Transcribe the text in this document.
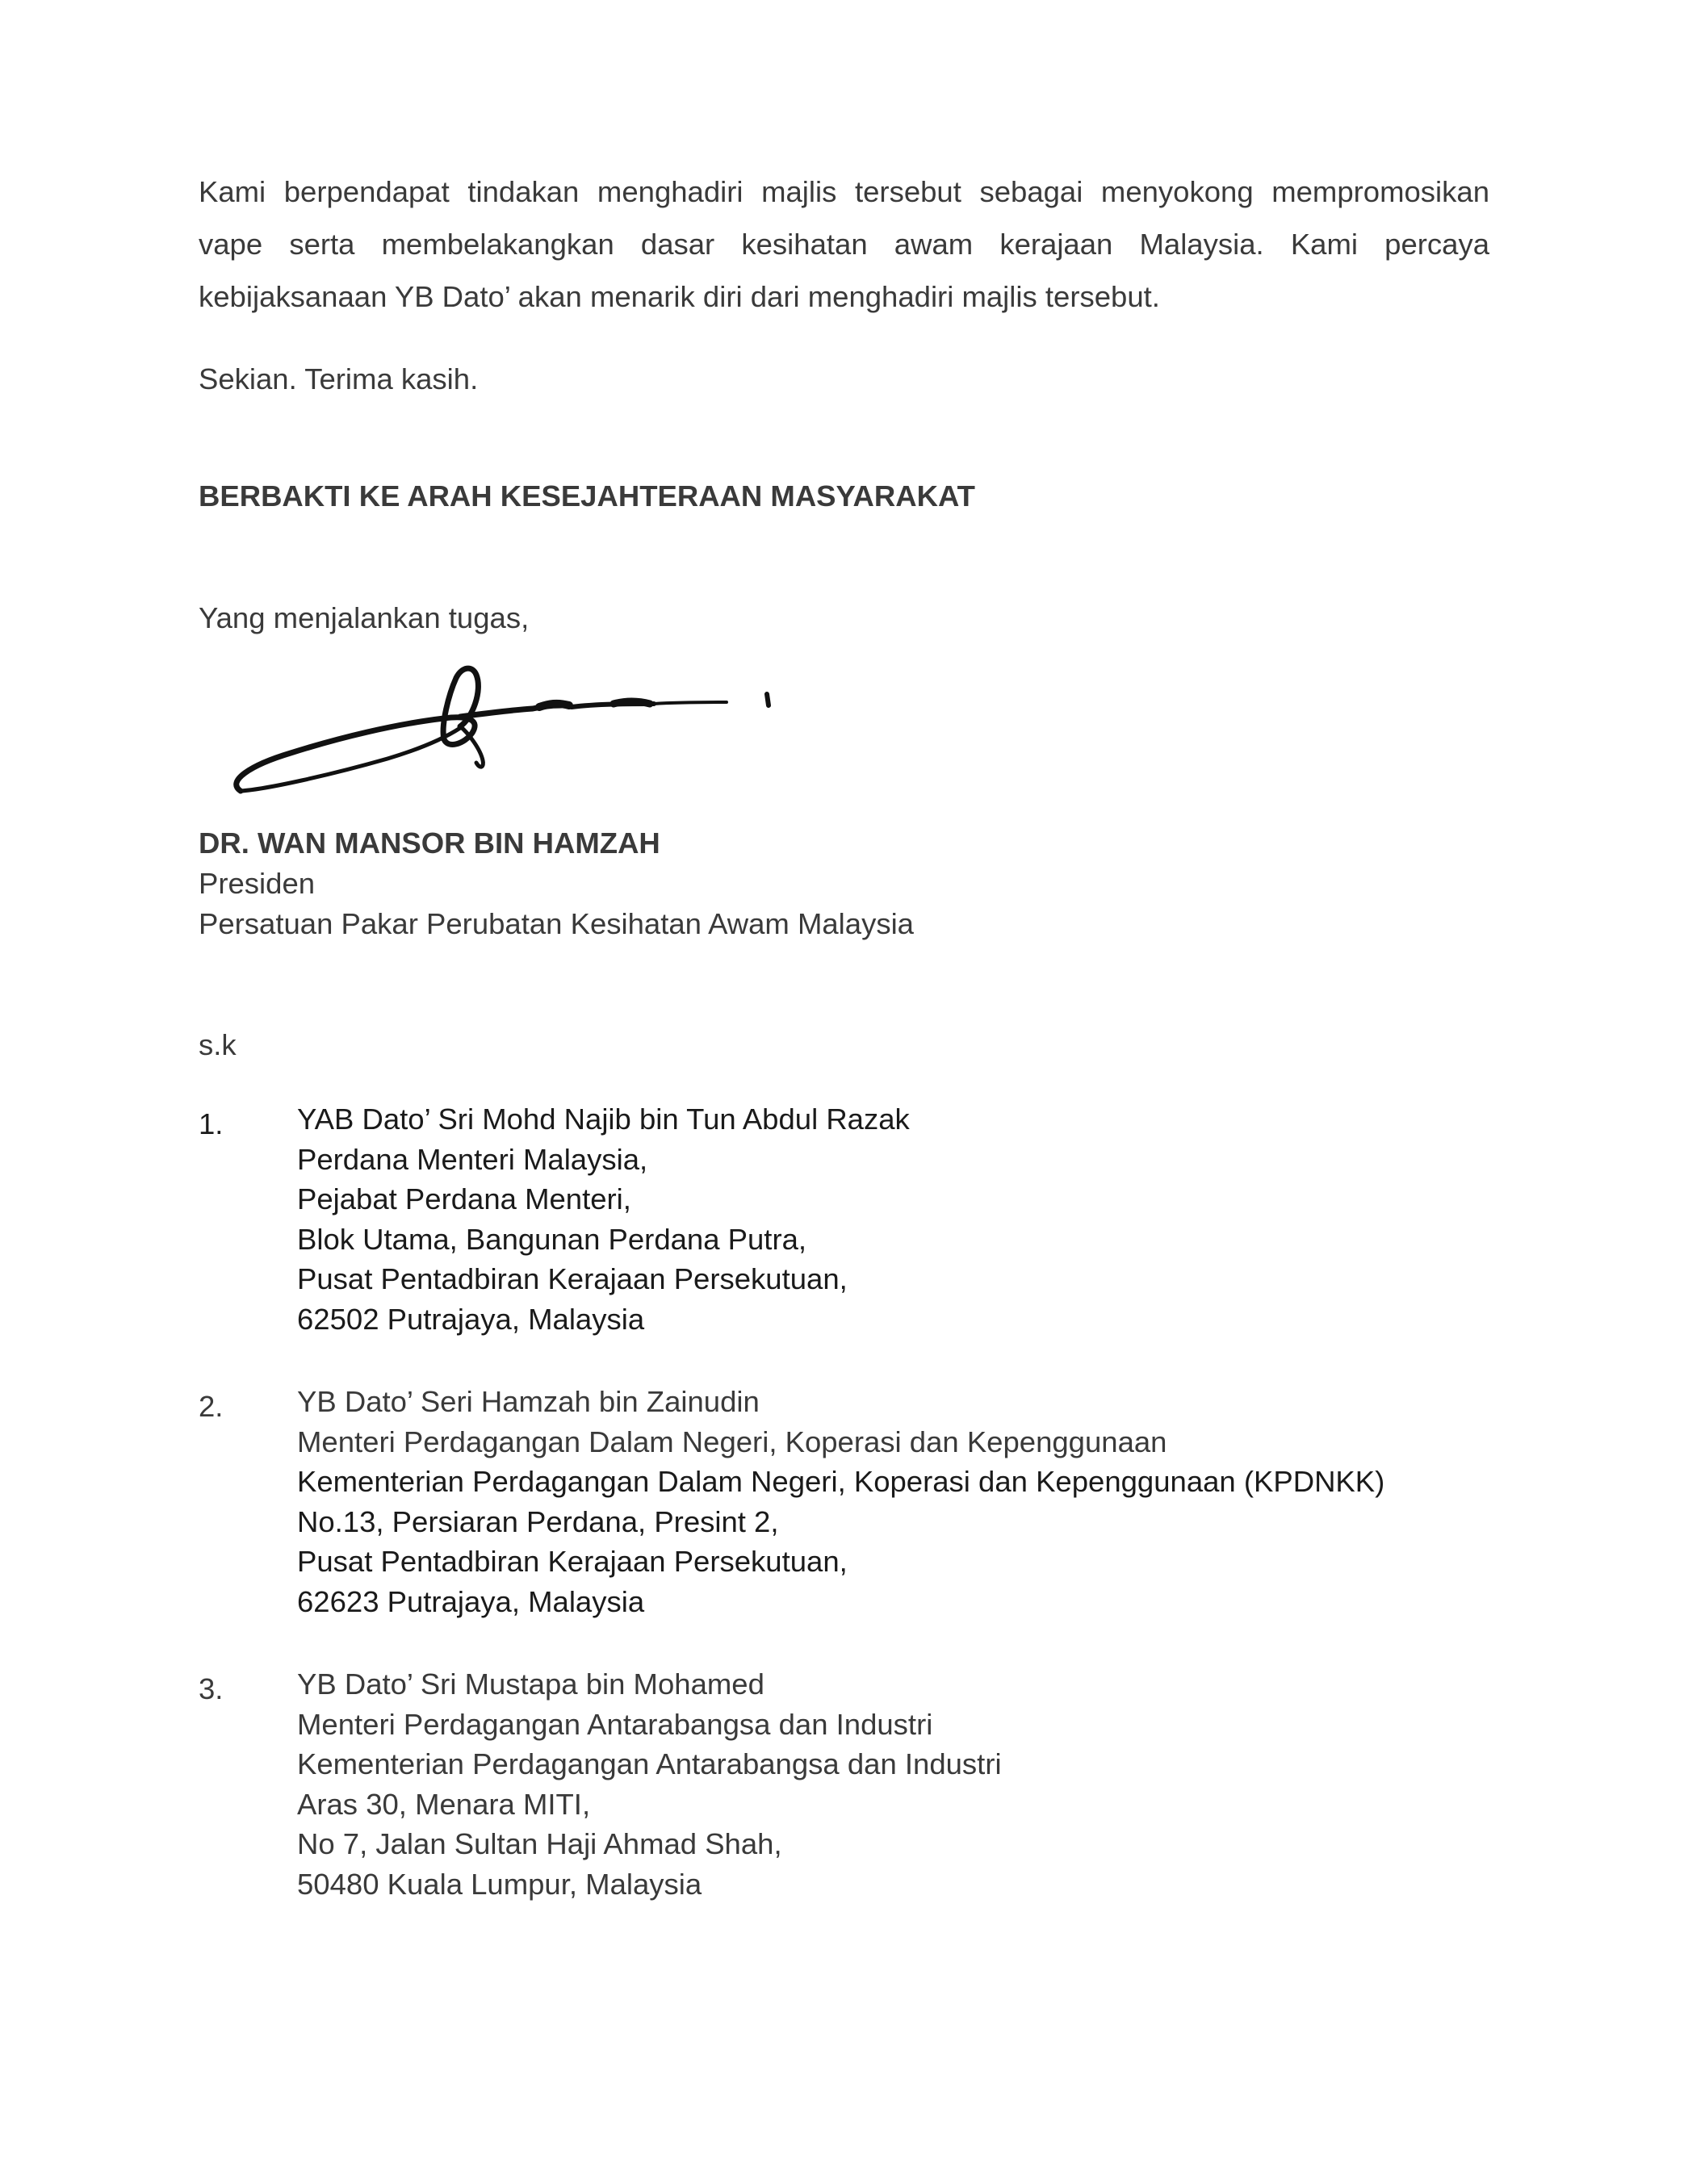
Kami berpendapat tindakan menghadiri majlis tersebut sebagai menyokong mempromosikan
vape serta membelakangkan dasar kesihatan awam kerajaan Malaysia. Kami percaya
kebijaksanaan YB Dato’ akan menarik diri dari menghadiri majlis tersebut.
Sekian. Terima kasih.
BERBAKTI KE ARAH KESEJAHTERAAN MASYARAKAT
Yang menjalankan tugas,
DR. WAN MANSOR BIN HAMZAH
Presiden
Persatuan Pakar Perubatan Kesihatan Awam Malaysia
s.k
1.	YAB Dato’ Sri Mohd Najib bin Tun Abdul Razak
Perdana Menteri Malaysia,
Pejabat Perdana Menteri,
Blok Utama, Bangunan Perdana Putra,
Pusat Pentadbiran Kerajaan Persekutuan,
62502 Putrajaya, Malaysia
2.	YB Dato’ Seri Hamzah bin Zainudin
Menteri Perdagangan Dalam Negeri, Koperasi dan Kepenggunaan
Kementerian Perdagangan Dalam Negeri, Koperasi dan Kepenggunaan (KPDNKK)
No.13, Persiaran Perdana, Presint 2,
Pusat Pentadbiran Kerajaan Persekutuan,
62623 Putrajaya, Malaysia
3.	YB Dato’ Sri Mustapa bin Mohamed
Menteri Perdagangan Antarabangsa dan Industri
Kementerian Perdagangan Antarabangsa dan Industri
Aras 30, Menara MITI,
No 7, Jalan Sultan Haji Ahmad Shah,
50480 Kuala Lumpur, Malaysia
